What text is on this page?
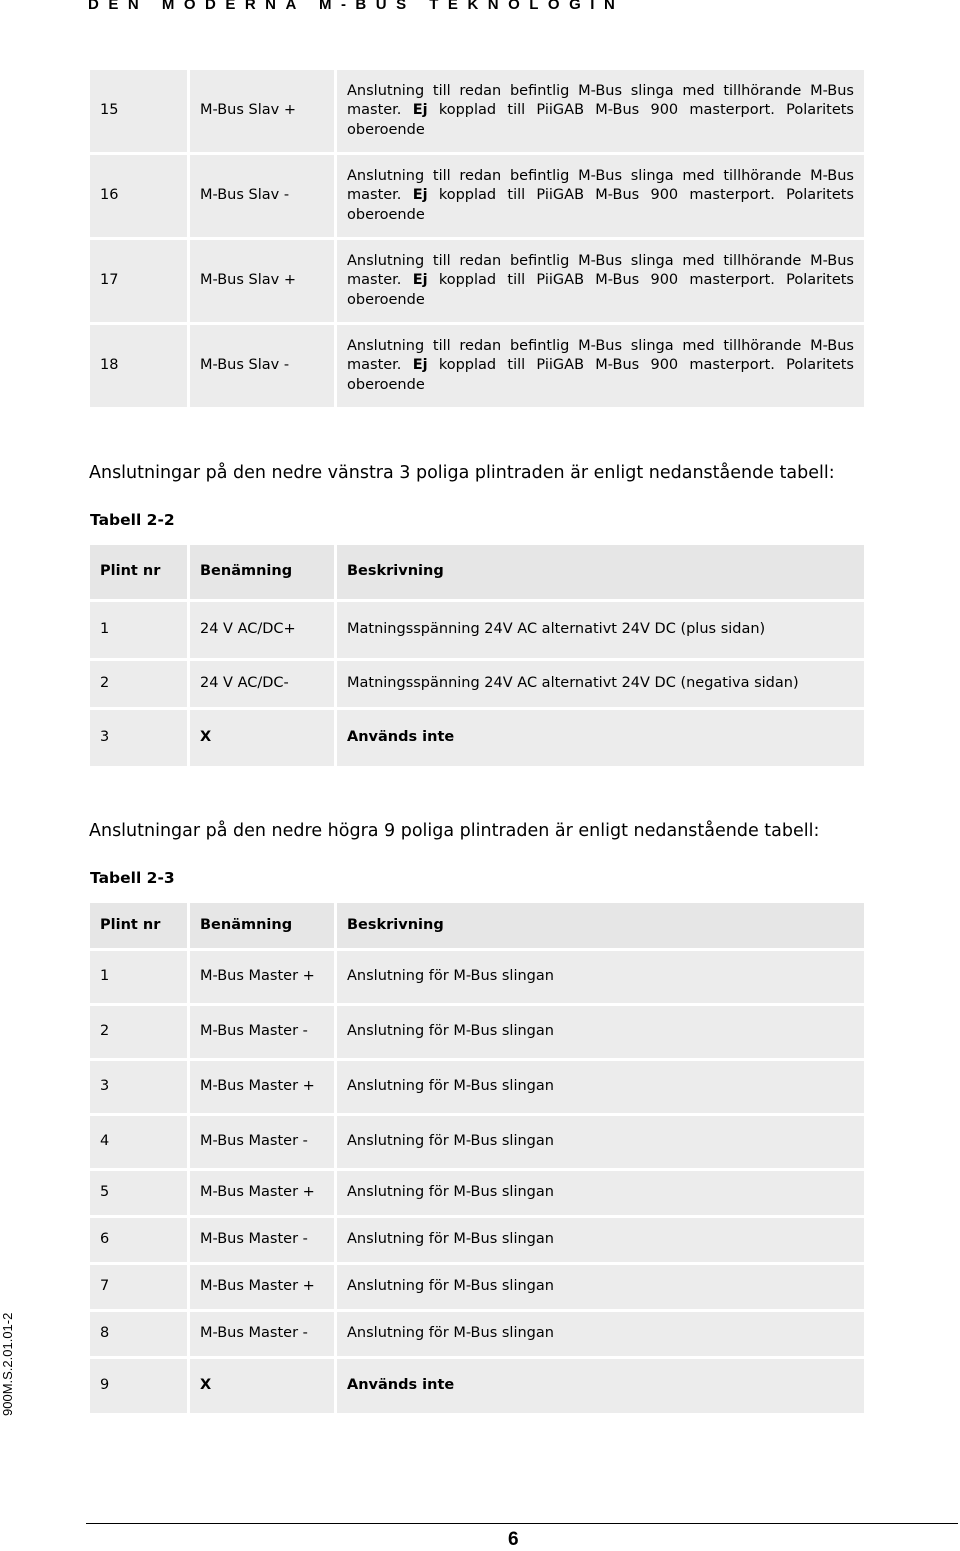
DEN MODERNA M-BUS TEKNOLOGIN
15	M-Bus Slav +	Anslutning till redan befintlig M-Bus slinga med tillhörande M-Bus master. Ej kopplad till PiiGAB M-Bus 900 masterport. Polaritets oberoende
16	M-Bus Slav -	Anslutning till redan befintlig M-Bus slinga med tillhörande M-Bus master. Ej kopplad till PiiGAB M-Bus 900 masterport. Polaritets oberoende
17	M-Bus Slav +	Anslutning till redan befintlig M-Bus slinga med tillhörande M-Bus master. Ej kopplad till PiiGAB M-Bus 900 masterport. Polaritets oberoende
18	M-Bus Slav -	Anslutning till redan befintlig M-Bus slinga med tillhörande M-Bus master. Ej kopplad till PiiGAB M-Bus 900 masterport. Polaritets oberoende
Anslutningar på den nedre vänstra 3 poliga plintraden är enligt nedanstående tabell:
Tabell 2-2
Plint nr	Benämning	Beskrivning
1	24 V AC/DC+	Matningsspänning 24V AC alternativt 24V DC (plus sidan)
2	24 V AC/DC-	Matningsspänning 24V AC alternativt 24V DC (negativa sidan)
3	X	Används inte
Anslutningar på den nedre högra 9 poliga plintraden är enligt nedanstående tabell:
Tabell 2-3
Plint nr	Benämning	Beskrivning
1	M-Bus Master +	Anslutning för M-Bus slingan
2	M-Bus Master -	Anslutning för M-Bus slingan
3	M-Bus Master +	Anslutning för M-Bus slingan
4	M-Bus Master -	Anslutning för M-Bus slingan
5	M-Bus Master +	Anslutning för M-Bus slingan
6	M-Bus Master -	Anslutning för M-Bus slingan
7	M-Bus Master +	Anslutning för M-Bus slingan
8	M-Bus Master -	Anslutning för M-Bus slingan
9	X	Används inte
900M.S.2.01.01-2
6
